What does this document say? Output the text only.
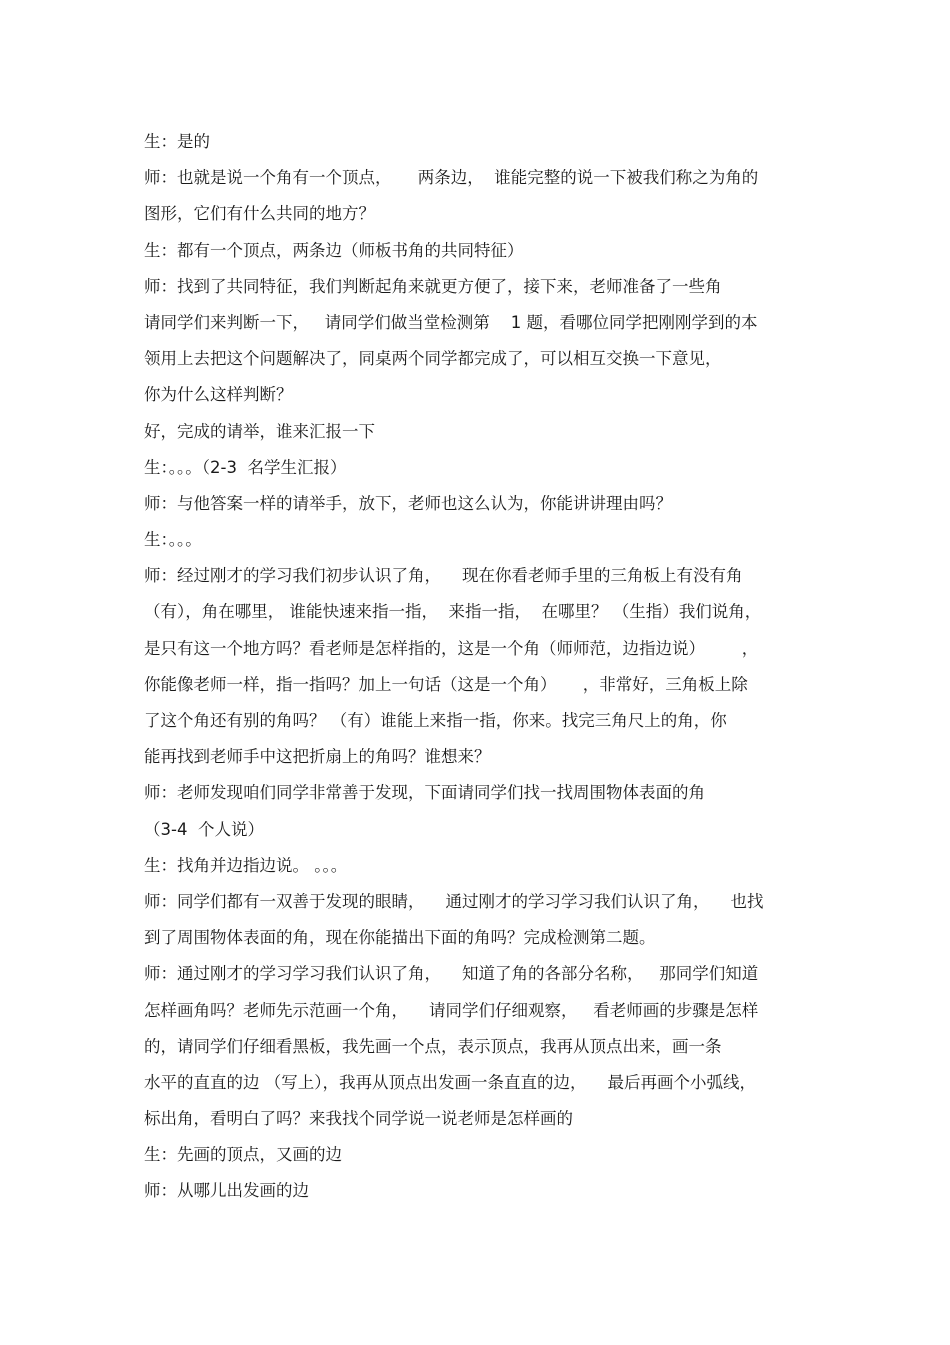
生：是的
师：也就是说一个角有一个顶点，     两条边，  谁能完整的说一下被我们称之为角的
图形，它们有什么共同的地方？
生：都有一个顶点，两条边（师板书角的共同特征）
师：找到了共同特征，我们判断起角来就更方便了，接下来，老师准备了一些角
请同学们来判断一下，   请同学们做当堂检测第    1 题，看哪位同学把刚刚学到的本
领用上去把这个问题解决了，同桌两个同学都完成了，可以相互交换一下意见，
你为什么这样判断？
好，完成的请举，谁来汇报一下
生：。。。（2-3  名学生汇报）
师：与他答案一样的请举手，放下，老师也这么认为，你能讲讲理由吗？
生：。。。
师：经过刚才的学习我们初步认识了角，    现在你看老师手里的三角板上有没有角
（有），角在哪里， 谁能快速来指一指，  来指一指，  在哪里？ （生指）我们说角，
是只有这一个地方吗？看老师是怎样指的，这是一个角（师师范，边指边说）       ，
你能像老师一样，指一指吗？加上一句话（这是一个角）     ，非常好，三角板上除
了这个角还有别的角吗？ （有）谁能上来指一指，你来。找完三角尺上的角，你
能再找到老师手中这把折扇上的角吗？谁想来？
师：老师发现咱们同学非常善于发现，下面请同学们找一找周围物体表面的角
（3-4  个人说）
生：找角并边指边说。 。。。
师：同学们都有一双善于发现的眼睛，    通过刚才的学习学习我们认识了角，    也找
到了周围物体表面的角，现在你能描出下面的角吗？完成检测第二题。
师：通过刚才的学习学习我们认识了角，    知道了角的各部分名称，   那同学们知道
怎样画角吗？老师先示范画一个角，    请同学们仔细观察，   看老师画的步骤是怎样
的，请同学们仔细看黑板，我先画一个点，表示顶点，我再从顶点出来，画一条
水平的直直的边 （写上），我再从顶点出发画一条直直的边，    最后再画个小弧线，
标出角，看明白了吗？来我找个同学说一说老师是怎样画的
生：先画的顶点，又画的边
师：从哪儿出发画的边
